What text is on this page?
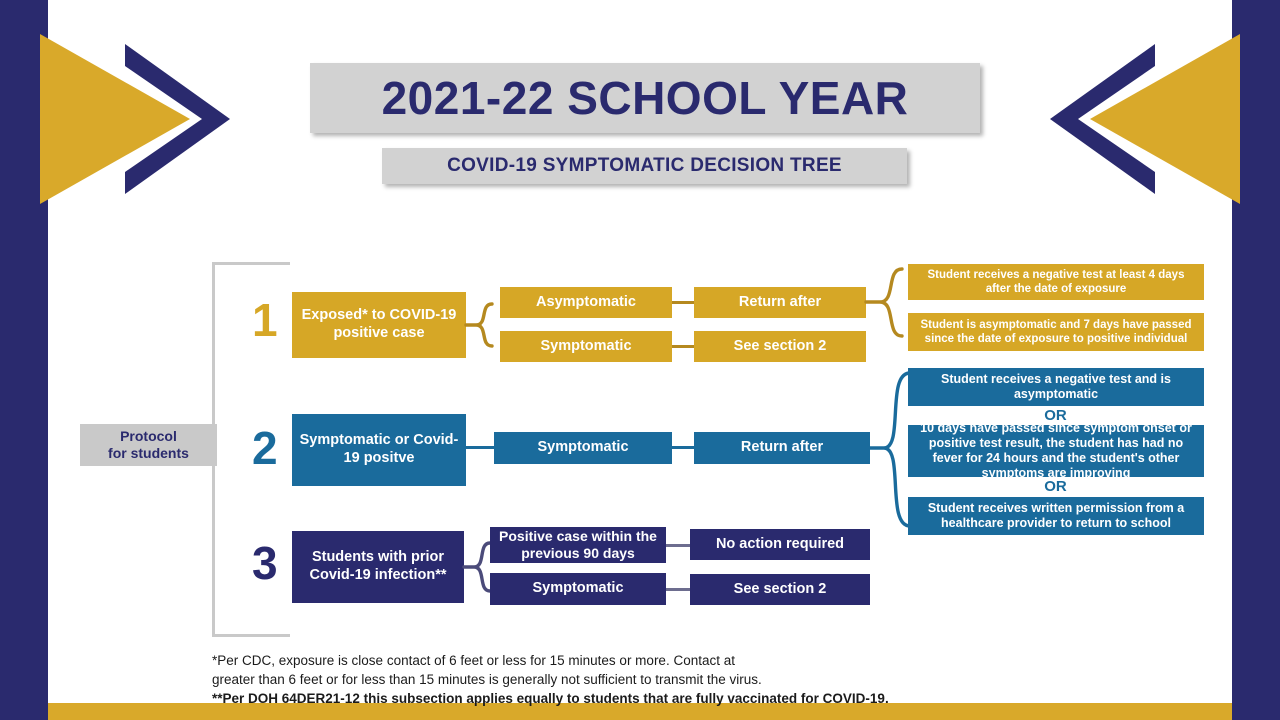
2021-22 SCHOOL YEAR
COVID-19 SYMPTOMATIC DECISION TREE
Protocol
for students
1	Exposed* to COVID-19 positive case
Asymptomatic	Return after
Symptomatic	See section 2
Student receives a negative test at least 4 days after the date of exposure
Student is asymptomatic and 7 days have passed since the date of exposure to positive individual
2	Symptomatic or Covid-19 positve
Symptomatic	Return after
Student receives a negative test and is asymptomatic
OR
10 days have passed since symptom onset or positive test result, the student has had no fever for 24 hours and the student's other symptoms are improving
OR
Student receives written permission from a healthcare provider to return to school
3	Students with prior Covid-19 infection**
Positive case within the previous 90 days
No action required
Symptomatic	See section 2
*Per CDC, exposure is close contact of 6 feet or less for 15 minutes or more. Contact at
greater than 6 feet or for less than 15 minutes is generally not sufficient to transmit the virus.
**Per DOH 64DER21-12 this subsection applies equally to students that are fully vaccinated for COVID-19.
